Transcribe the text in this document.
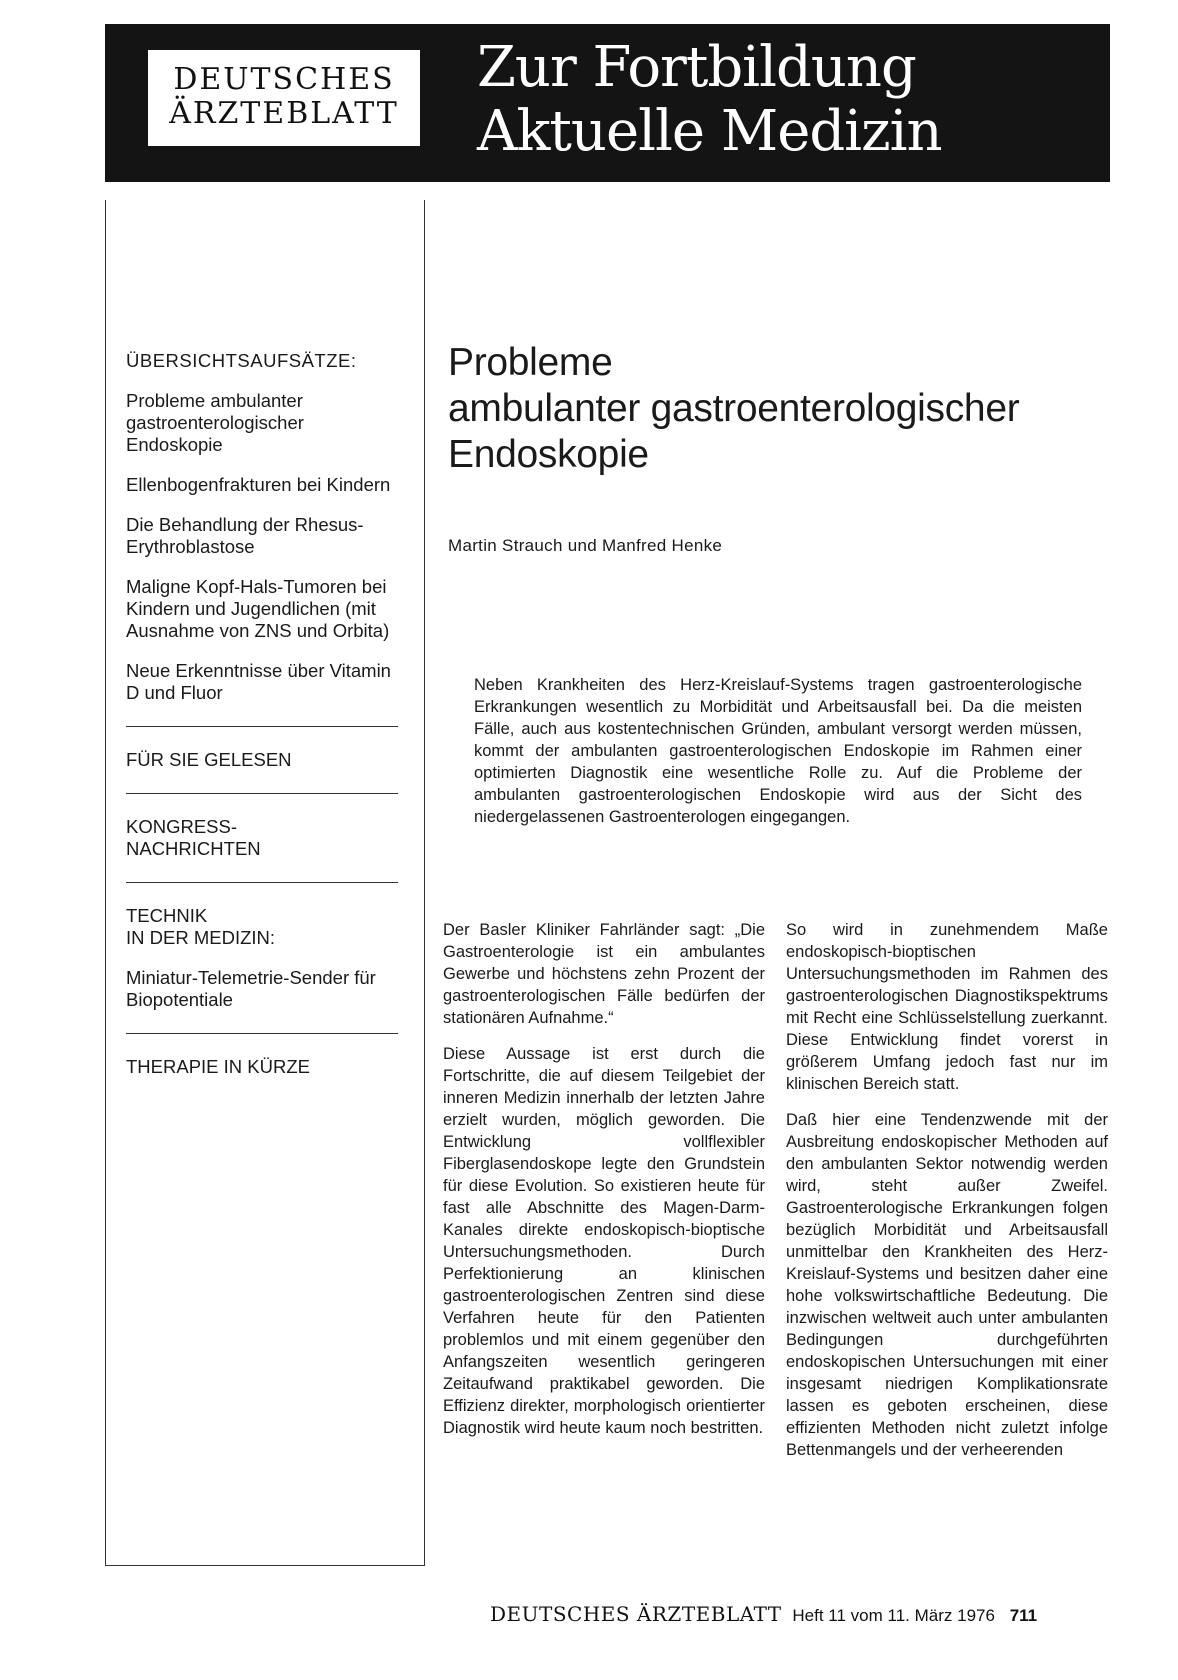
DEUTSCHES
ÄRZTEBLATT
Zur Fortbildung
Aktuelle Medizin
ÜBERSICHTSAUFSÄTZE:
Probleme ambulanter gastroenterologischer Endoskopie
Ellenbogenfrakturen bei Kindern
Die Behandlung der Rhesus-Erythroblastose
Maligne Kopf-Hals-Tumoren bei Kindern und Jugendlichen (mit Ausnahme von ZNS und Orbita)
Neue Erkenntnisse über Vitamin D und Fluor
FÜR SIE GELESEN
KONGRESS-
NACHRICHTEN
TECHNIK
IN DER MEDIZIN:
Miniatur-Telemetrie-Sender für Biopotentiale
THERAPIE IN KÜRZE
Probleme
ambulanter gastroenterologischer
Endoskopie
Martin Strauch und Manfred Henke
Neben Krankheiten des Herz-Kreislauf-Systems tragen gastroenterologische Erkrankungen wesentlich zu Morbidität und Arbeitsausfall bei. Da die meisten Fälle, auch aus kostentechnischen Gründen, ambulant versorgt werden müssen, kommt der ambulanten gastroenterologischen Endoskopie im Rahmen einer optimierten Diagnostik eine wesentliche Rolle zu. Auf die Probleme der ambulanten gastroenterologischen Endoskopie wird aus der Sicht des niedergelassenen Gastroenterologen eingegangen.

Der Basler Kliniker Fahrländer sagt: „Die Gastroenterologie ist ein ambulantes Gewerbe und höchstens zehn Prozent der gastroenterologischen Fälle bedürfen der stationären Aufnahme.“

Diese Aussage ist erst durch die Fortschritte, die auf diesem Teilgebiet der inneren Medizin innerhalb der letzten Jahre erzielt wurden, möglich geworden. Die Entwicklung vollflexibler Fiberglasendoskope legte den Grundstein für diese Evolution. So existieren heute für fast alle Abschnitte des Magen-Darm-Kanales direkte endoskopisch-bioptische Untersuchungsmethoden. Durch Perfektionierung an klinischen gastroenterologischen Zentren sind diese Verfahren heute für den Patienten problemlos und mit einem gegenüber den Anfangszeiten wesentlich geringeren Zeitaufwand praktikabel geworden. Die Effizienz direkter, morphologisch orientierter Diagnostik wird heute kaum noch bestritten.

So wird in zunehmendem Maße endoskopisch-bioptischen Untersuchungsmethoden im Rahmen des gastroenterologischen Diagnostikspektrums mit Recht eine Schlüsselstellung zuerkannt. Diese Entwicklung findet vorerst in größerem Umfang jedoch fast nur im klinischen Bereich statt.

Daß hier eine Tendenzwende mit der Ausbreitung endoskopischer Methoden auf den ambulanten Sektor notwendig werden wird, steht außer Zweifel. Gastroenterologische Erkrankungen folgen bezüglich Morbidität und Arbeitsausfall unmittelbar den Krankheiten des Herz-Kreislauf-Systems und besitzen daher eine hohe volkswirtschaftliche Bedeutung. Die inzwischen weltweit auch unter ambulanten Bedingungen durchgeführten endoskopischen Untersuchungen mit einer insgesamt niedrigen Komplikationsrate lassen es geboten erscheinen, diese effizienten Methoden nicht zuletzt infolge Bettenmangels und der verheerenden

DEUTSCHES ÄRZTEBLATT Heft 11 vom 11. März 1976 711
